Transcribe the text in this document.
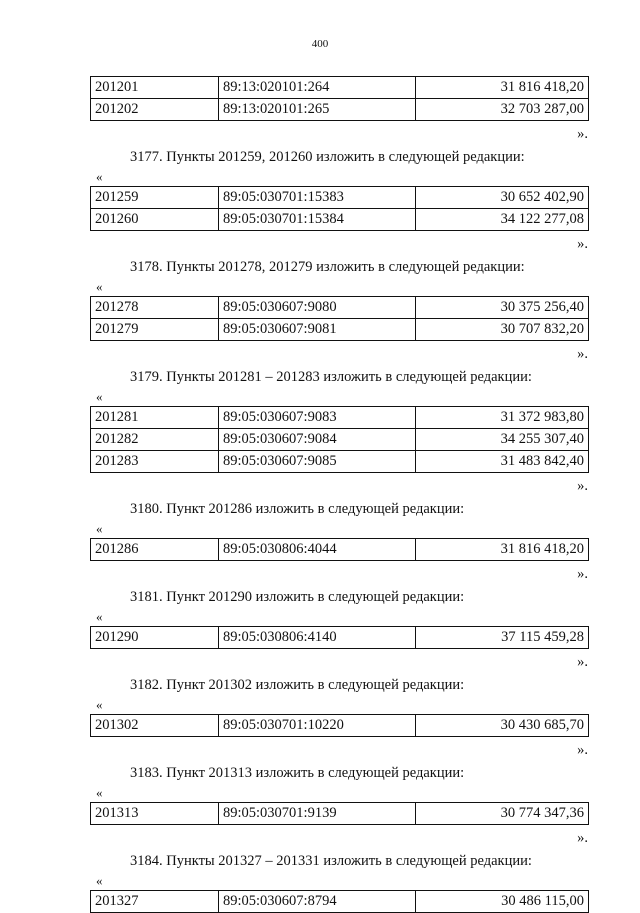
400
201201	89:13:020101:264	31 816 418,20
201202	89:13:020101:265	32 703 287,00
».
3177. Пункты 201259, 201260 изложить в следующей редакции:
«
201259	89:05:030701:15383	30 652 402,90
201260	89:05:030701:15384	34 122 277,08
».
3178. Пункты 201278, 201279 изложить в следующей редакции:
«
201278	89:05:030607:9080	30 375 256,40
201279	89:05:030607:9081	30 707 832,20
».
3179. Пункты 201281 – 201283 изложить в следующей редакции:
«
201281	89:05:030607:9083	31 372 983,80
201282	89:05:030607:9084	34 255 307,40
201283	89:05:030607:9085	31 483 842,40
».
3180. Пункт 201286 изложить в следующей редакции:
«
201286	89:05:030806:4044	31 816 418,20
».
3181. Пункт 201290 изложить в следующей редакции:
«
201290	89:05:030806:4140	37 115 459,28
».
3182. Пункт 201302 изложить в следующей редакции:
«
201302	89:05:030701:10220	30 430 685,70
».
3183. Пункт 201313 изложить в следующей редакции:
«
201313	89:05:030701:9139	30 774 347,36
».
3184. Пункты 201327 – 201331 изложить в следующей редакции:
«
201327	89:05:030607:8794	30 486 115,00
